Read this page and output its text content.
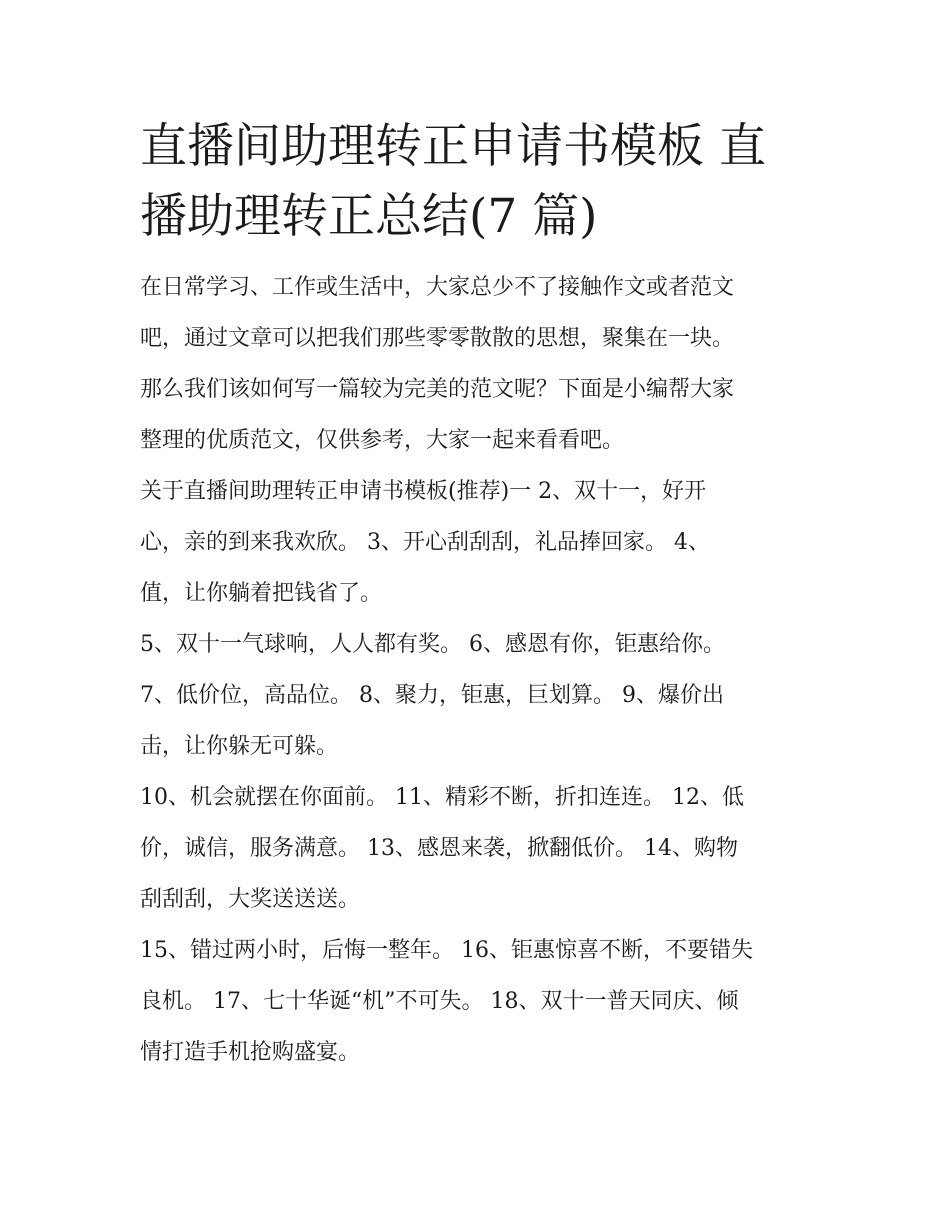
直播间助理转正申请书模板 直
播助理转正总结(7 篇)

在日常学习、工作或生活中，大家总少不了接触作文或者范文
吧，通过文章可以把我们那些零零散散的思想，聚集在一块。
那么我们该如何写一篇较为完美的范文呢？下面是小编帮大家
整理的优质范文，仅供参考，大家一起来看看吧。

关于直播间助理转正申请书模板(推荐)一 2、双十一，好开
心，亲的到来我欢欣。 3、开心刮刮刮，礼品捧回家。 4、
值，让你躺着把钱省了。

5、双十一气球响，人人都有奖。 6、感恩有你，钜惠给你。
7、低价位，高品位。 8、聚力，钜惠，巨划算。 9、爆价出
击，让你躲无可躲。

10、机会就摆在你面前。 11、精彩不断，折扣连连。 12、低
价，诚信，服务满意。 13、感恩来袭，掀翻低价。 14、购物
刮刮刮，大奖送送送。

15、错过两小时，后悔一整年。 16、钜惠惊喜不断，不要错失
良机。 17、七十华诞“机”不可失。 18、双十一普天同庆、倾
情打造手机抢购盛宴。
